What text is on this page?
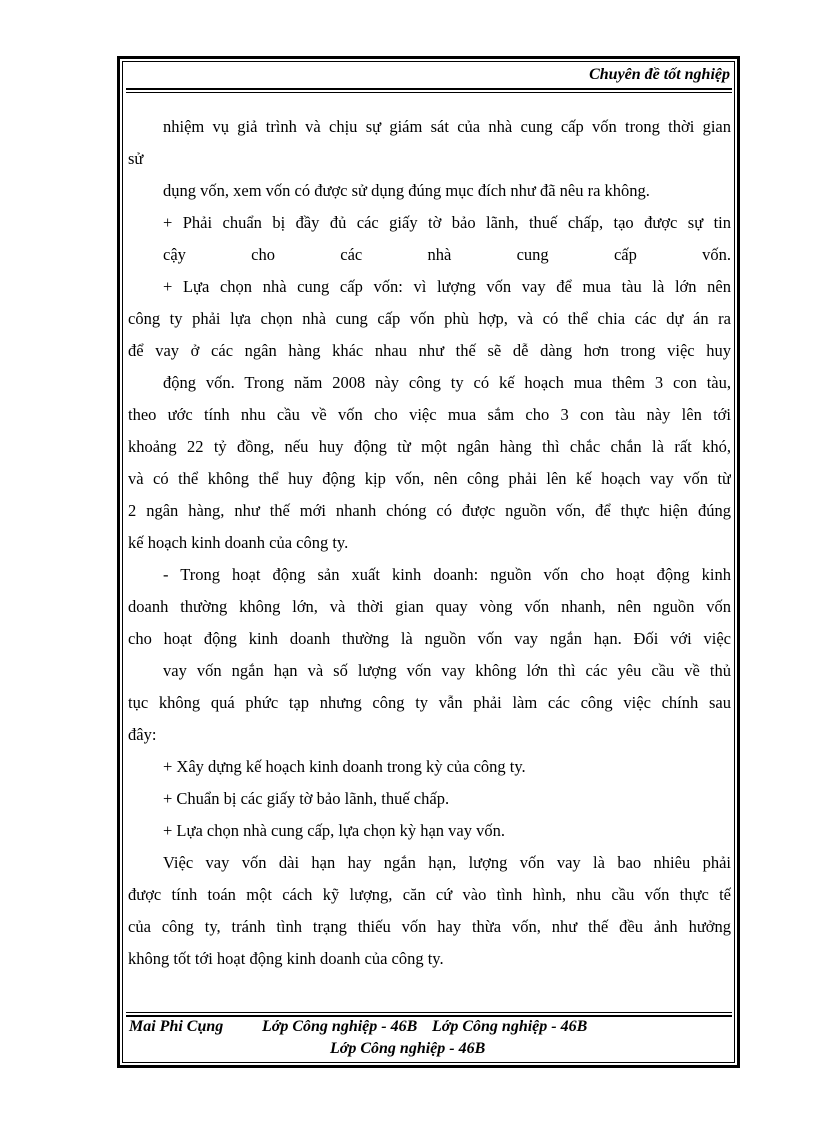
Chuyên đề tốt nghiệp
nhiệm vụ giả trình và chịu sự giám sát của nhà cung cấp vốn trong thời gian
sử
dụng vốn, xem vốn có được sử dụng đúng mục đích như đã nêu ra không.
+ Phải chuẩn bị đầy đủ các giấy tờ bảo lãnh, thuế chấp, tạo được sự tin
cậy cho các nhà cung cấp vốn.
+ Lựa chọn nhà cung cấp vốn: vì lượng vốn vay để mua tàu là lớn nên
công ty phải lựa chọn nhà cung cấp vốn phù hợp, và có thể chia các dự án ra
để vay ở các ngân hàng khác nhau như thế sẽ dễ dàng hơn trong việc huy
động vốn. Trong năm 2008 này công ty có kế hoạch mua thêm 3 con tàu,
theo ước tính nhu cầu về vốn cho việc mua sắm cho 3 con tàu này lên tới
khoảng 22 tỷ đồng, nếu huy động từ một ngân hàng thì chắc chắn là rất khó,
và có thể không thể huy động kịp vốn, nên công phải lên kế hoạch vay vốn từ
2 ngân hàng, như thế mới nhanh chóng có được nguồn vốn, để thực hiện đúng
kế hoạch kinh doanh của công ty.
- Trong hoạt động sản xuất kinh doanh: nguồn vốn cho hoạt động kinh
doanh thường không lớn, và thời gian quay vòng vốn nhanh, nên nguồn vốn
cho hoạt động kinh doanh thường là nguồn vốn vay ngắn hạn. Đối với việc
vay vốn ngắn hạn và số lượng vốn vay không lớn thì các yêu cầu về thủ
tục không quá phức tạp nhưng công ty vẫn phải làm các công việc chính sau
đây:
+ Xây dựng kế hoạch kinh doanh trong kỳ của công ty.
+ Chuẩn bị các giấy tờ bảo lãnh, thuế chấp.
+ Lựa chọn nhà cung cấp, lựa chọn kỳ hạn vay vốn.
Việc vay vốn dài hạn hay ngắn hạn, lượng vốn vay là bao nhiêu phải
được tính toán một cách kỹ lượng, căn cứ vào tình hình, nhu cầu vốn thực tế
của công ty, tránh tình trạng thiếu vốn hay thừa vốn, như thế đều ảnh hưởng
không tốt tới hoạt động kinh doanh của công ty.
Mai Phi Cụng Lớp Công nghiệp - 46B Lớp Công nghiệp - 46B
Lớp Công nghiệp - 46B
